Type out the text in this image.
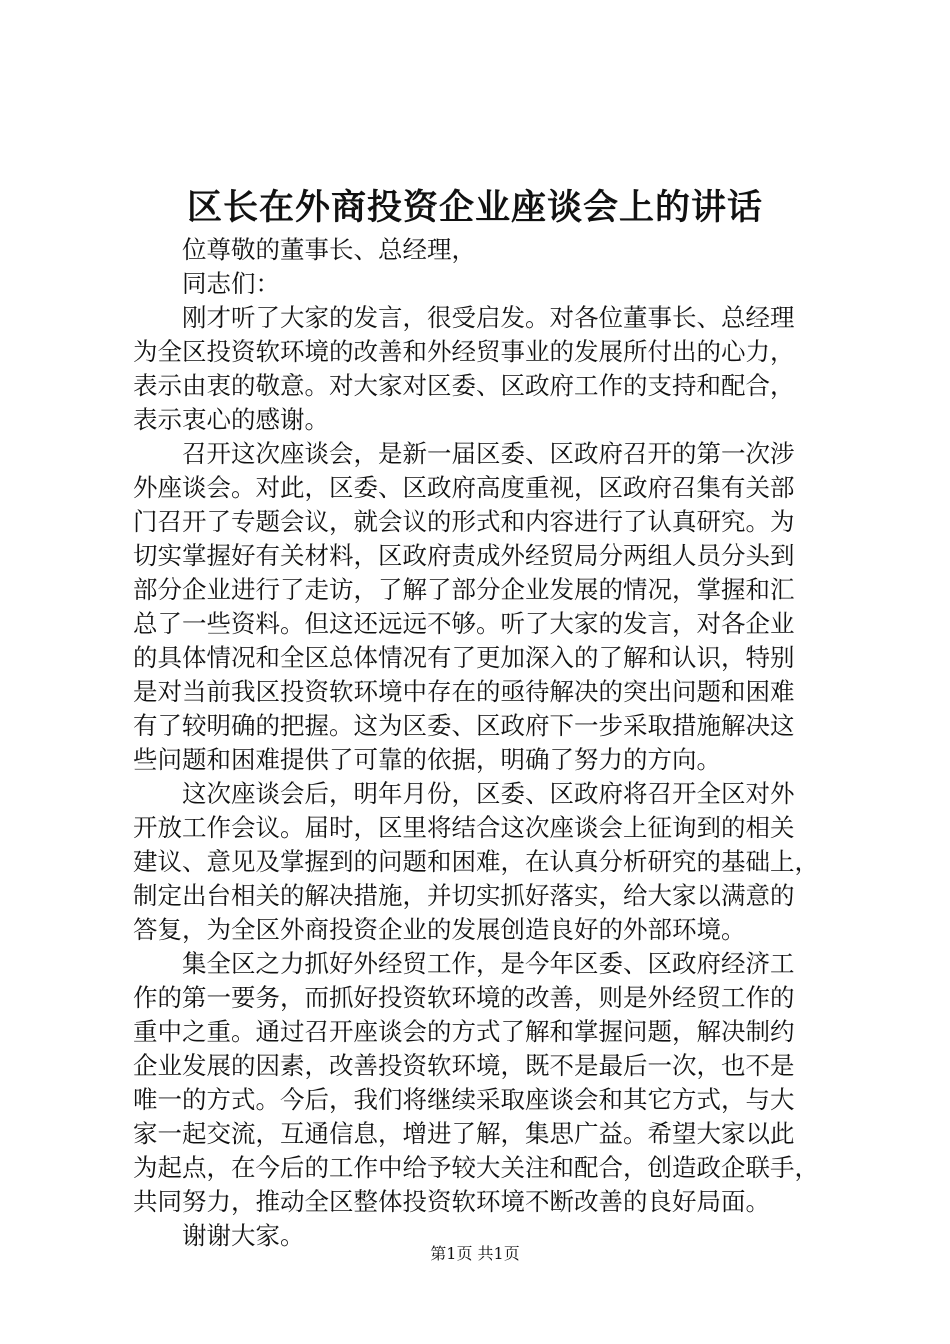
区长在外商投资企业座谈会上的讲话
位尊敬的董事长、总经理，
同志们：
刚才听了大家的发言，很受启发。对各位董事长、总经理
为全区投资软环境的改善和外经贸事业的发展所付出的心力，
表示由衷的敬意。对大家对区委、区政府工作的支持和配合，
表示衷心的感谢。
召开这次座谈会，是新一届区委、区政府召开的第一次涉
外座谈会。对此，区委、区政府高度重视，区政府召集有关部
门召开了专题会议，就会议的形式和内容进行了认真研究。为
切实掌握好有关材料，区政府责成外经贸局分两组人员分头到
部分企业进行了走访，了解了部分企业发展的情况，掌握和汇
总了一些资料。但这还远远不够。听了大家的发言，对各企业
的具体情况和全区总体情况有了更加深入的了解和认识，特别
是对当前我区投资软环境中存在的亟待解决的突出问题和困难
有了较明确的把握。这为区委、区政府下一步采取措施解决这
些问题和困难提供了可靠的依据，明确了努力的方向。
这次座谈会后，明年月份，区委、区政府将召开全区对外
开放工作会议。届时，区里将结合这次座谈会上征询到的相关
建议、意见及掌握到的问题和困难，在认真分析研究的基础上，
制定出台相关的解决措施，并切实抓好落实，给大家以满意的
答复，为全区外商投资企业的发展创造良好的外部环境。
集全区之力抓好外经贸工作，是今年区委、区政府经济工
作的第一要务，而抓好投资软环境的改善，则是外经贸工作的
重中之重。通过召开座谈会的方式了解和掌握问题，解决制约
企业发展的因素，改善投资软环境，既不是最后一次，也不是
唯一的方式。今后，我们将继续采取座谈会和其它方式，与大
家一起交流，互通信息，增进了解，集思广益。希望大家以此
为起点，在今后的工作中给予较大关注和配合，创造政企联手，
共同努力，推动全区整体投资软环境不断改善的良好局面。
谢谢大家。
第1页 共1页
